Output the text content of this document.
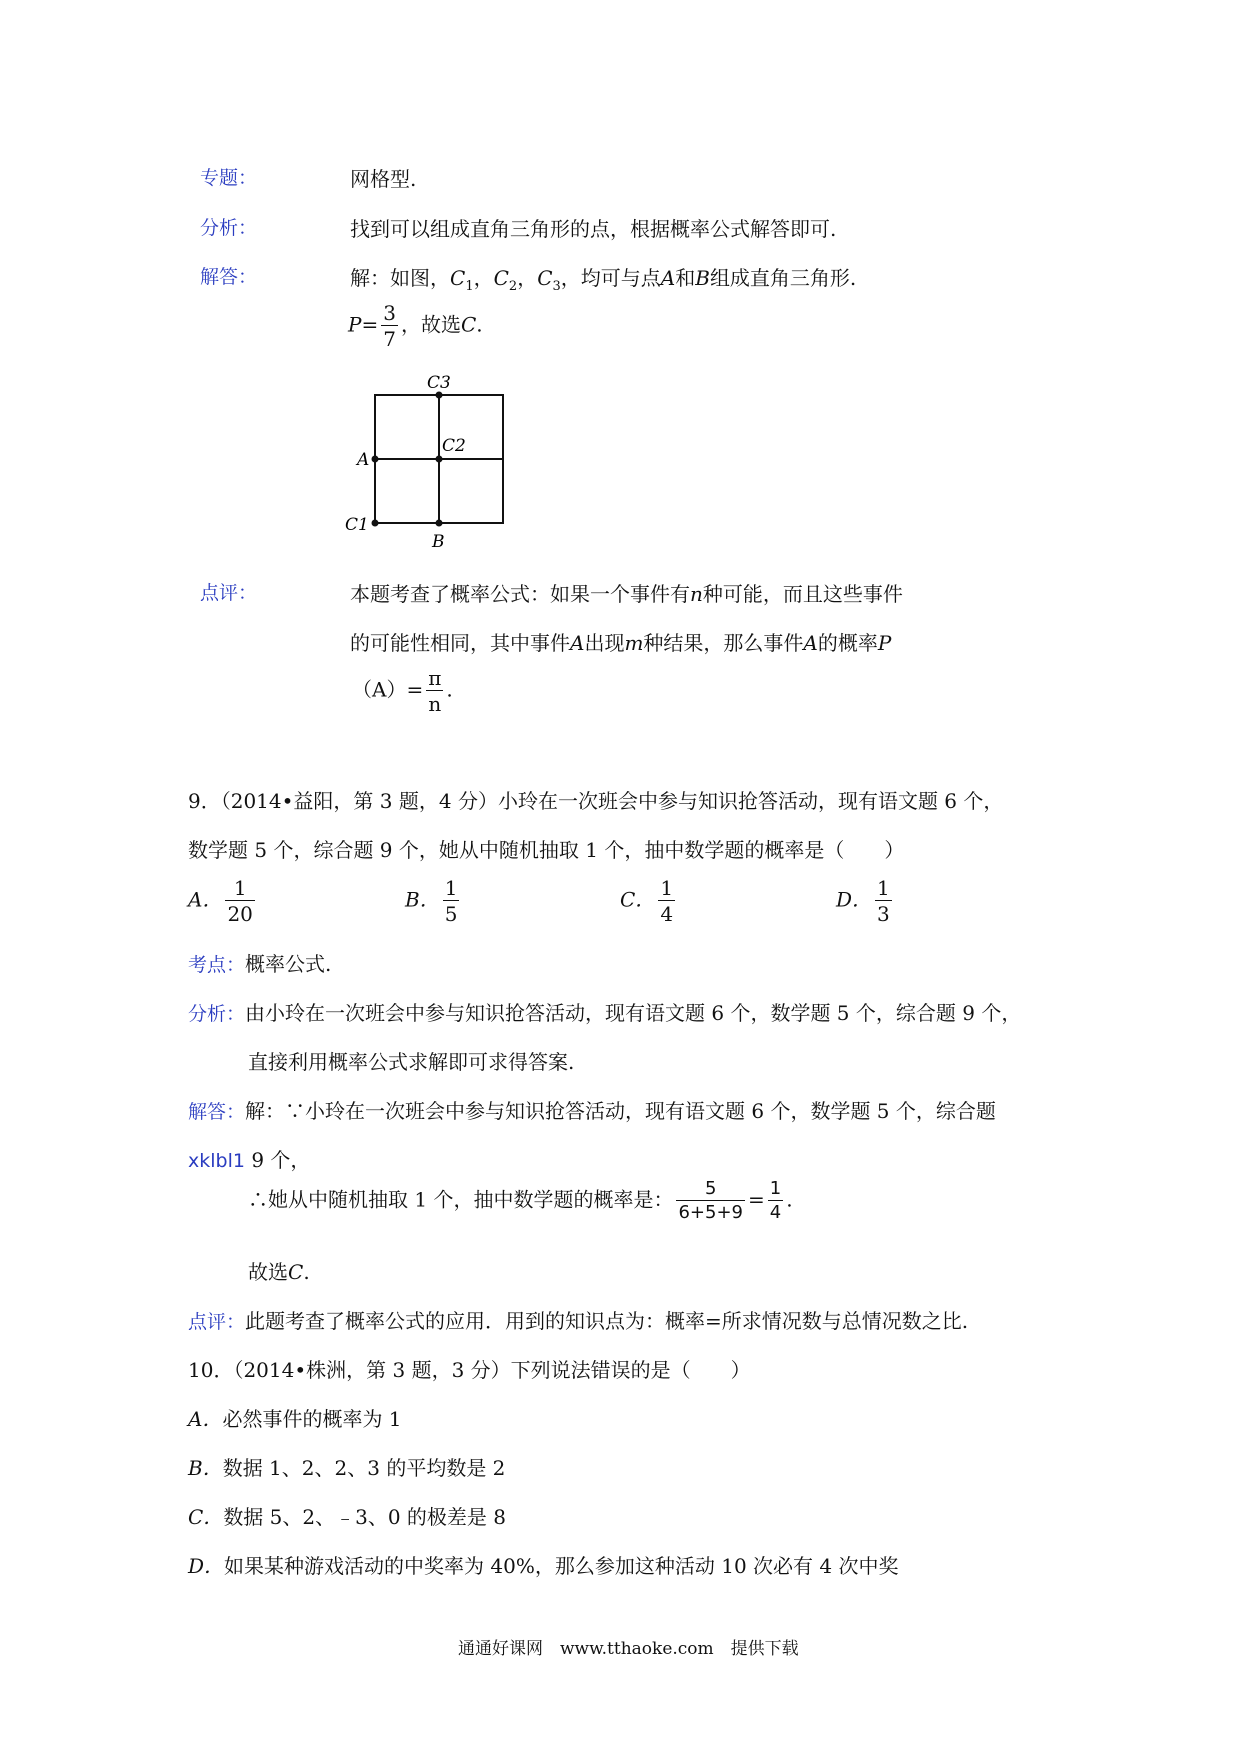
专题：	网格型.
分析：	找到可以组成直角三角形的点，根据概率公式解答即可.
解答：	解：如图，$C_1$，$C_2$，$C_3$，均可与点A和B组成直角三角形.
$P= \frac{3}{7}$ ，故选C.
C3
C2
A
C1
B
点评：	本题考查了概率公式：如果一个事件有n种可能，而且这些事件
的可能性相同，其中事件A出现m种结果，那么事件A的概率P
$(A)= \frac{\pi}{n}$ .
9．（2014•益阳，第 3 题，4 分）小玲在一次班会中参与知识抢答活动，现有语文题 6 个，
数学题 5 个，综合题 9 个，她从中随机抽取 1 个，抽中数学题的概率是（　　）
A． $\frac{1}{20}$	B． $\frac{1}{5}$	C． $\frac{1}{4}$	D． $\frac{1}{3}$
考点：概率公式.
分析：由小玲在一次班会中参与知识抢答活动，现有语文题 6 个，数学题 5 个，综合题 9 个，
直接利用概率公式求解即可求得答案.
解答：解：∵小玲在一次班会中参与知识抢答活动，现有语文题 6 个，数学题 5 个，综合题
xklbl1 9 个，
∴她从中随机抽取 1 个，抽中数学题的概率是： $\frac{5}{6+5+9} = \frac{1}{4}$ .
故选C.
点评：此题考查了概率公式的应用．用到的知识点为：概率=所求情况数与总情况数之比.
10．（2014•株洲，第 3 题，3 分）下列说法错误的是（　　）
A．必然事件的概率为 1
B．数据 1、2、2、3 的平均数是 2
C．数据 5、2、﹣3、0 的极差是 8
D．如果某种游戏活动的中奖率为 40%，那么参加这种活动 10 次必有 4 次中奖
通通好课网　www.tthaoke.com　提供下载
